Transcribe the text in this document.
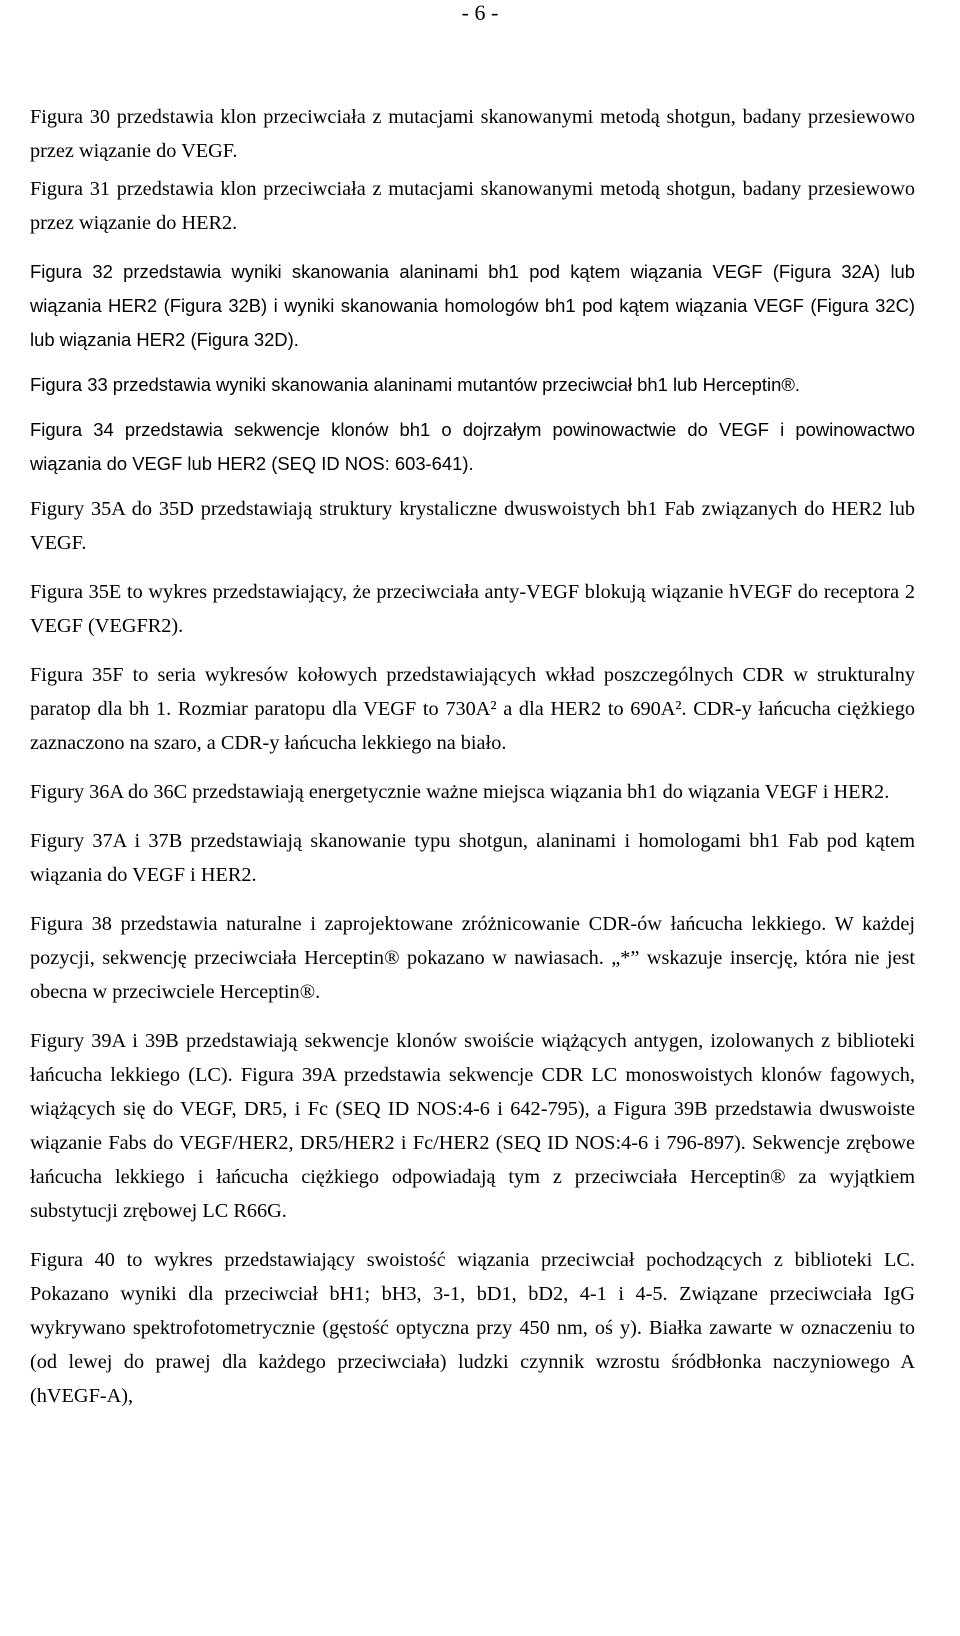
- 6 -

Figura 30 przedstawia klon przeciwciała z mutacjami skanowanymi metodą shotgun, badany przesiewowo przez wiązanie do VEGF.

Figura 31 przedstawia klon przeciwciała z mutacjami skanowanymi metodą shotgun, badany przesiewowo przez wiązanie do HER2.

Figura 32 przedstawia wyniki skanowania alaninami bh1 pod kątem wiązania VEGF (Figura 32A) lub wiązania HER2 (Figura 32B) i wyniki skanowania homologów bh1 pod kątem wiązania VEGF (Figura 32C) lub wiązania HER2 (Figura 32D).

Figura 33 przedstawia wyniki skanowania alaninami mutantów przeciwciał bh1 lub Herceptin®.

Figura 34 przedstawia sekwencje klonów bh1 o dojrzałym powinowactwie do VEGF i powinowactwo wiązania do VEGF lub HER2 (SEQ ID NOS: 603-641).

Figury 35A do 35D przedstawiają struktury krystaliczne dwuswoistych bh1 Fab związanych do HER2 lub VEGF.

Figura 35E to wykres przedstawiający, że przeciwciała anty-VEGF blokują wiązanie hVEGF do receptora 2 VEGF (VEGFR2).

Figura 35F to seria wykresów kołowych przedstawiających wkład poszczególnych CDR w strukturalny paratop dla bh 1. Rozmiar paratopu dla VEGF to 730A² a dla HER2 to 690A². CDR-y łańcucha ciężkiego zaznaczono na szaro, a CDR-y łańcucha lekkiego na biało.

Figury 36A do 36C przedstawiają energetycznie ważne miejsca wiązania bh1 do wiązania VEGF i HER2.

Figury 37A i 37B przedstawiają skanowanie typu shotgun, alaninami i homologami bh1 Fab pod kątem wiązania do VEGF i HER2.

Figura 38 przedstawia naturalne i zaprojektowane zróżnicowanie CDR-ów łańcucha lekkiego. W każdej pozycji, sekwencję przeciwciała Herceptin® pokazano w nawiasach. „*” wskazuje insercję, która nie jest obecna w przeciwciele Herceptin®.

Figury 39A i 39B przedstawiają sekwencje klonów swoiście wiążących antygen, izolowanych z biblioteki łańcucha lekkiego (LC). Figura 39A przedstawia sekwencje CDR LC monoswoistych klonów fagowych, wiążących się do VEGF, DR5, i Fc (SEQ ID NOS:4-6 i 642-795), a Figura 39B przedstawia dwuswoiste wiązanie Fabs do VEGF/HER2, DR5/HER2 i Fc/HER2 (SEQ ID NOS:4-6 i 796-897). Sekwencje zrębowe łańcucha lekkiego i łańcucha ciężkiego odpowiadają tym z przeciwciała Herceptin® za wyjątkiem substytucji zrębowej LC R66G.

Figura 40 to wykres przedstawiający swoistość wiązania przeciwciał pochodzących z biblioteki LC. Pokazano wyniki dla przeciwciał bH1; bH3, 3-1, bD1, bD2, 4-1 i 4-5. Związane przeciwciała IgG wykrywano spektrofotometrycznie (gęstość optyczna przy 450 nm, oś y). Białka zawarte w oznaczeniu to (od lewej do prawej dla każdego przeciwciała) ludzki czynnik wzrostu śródbłonka naczyniowego A (hVEGF-A),
